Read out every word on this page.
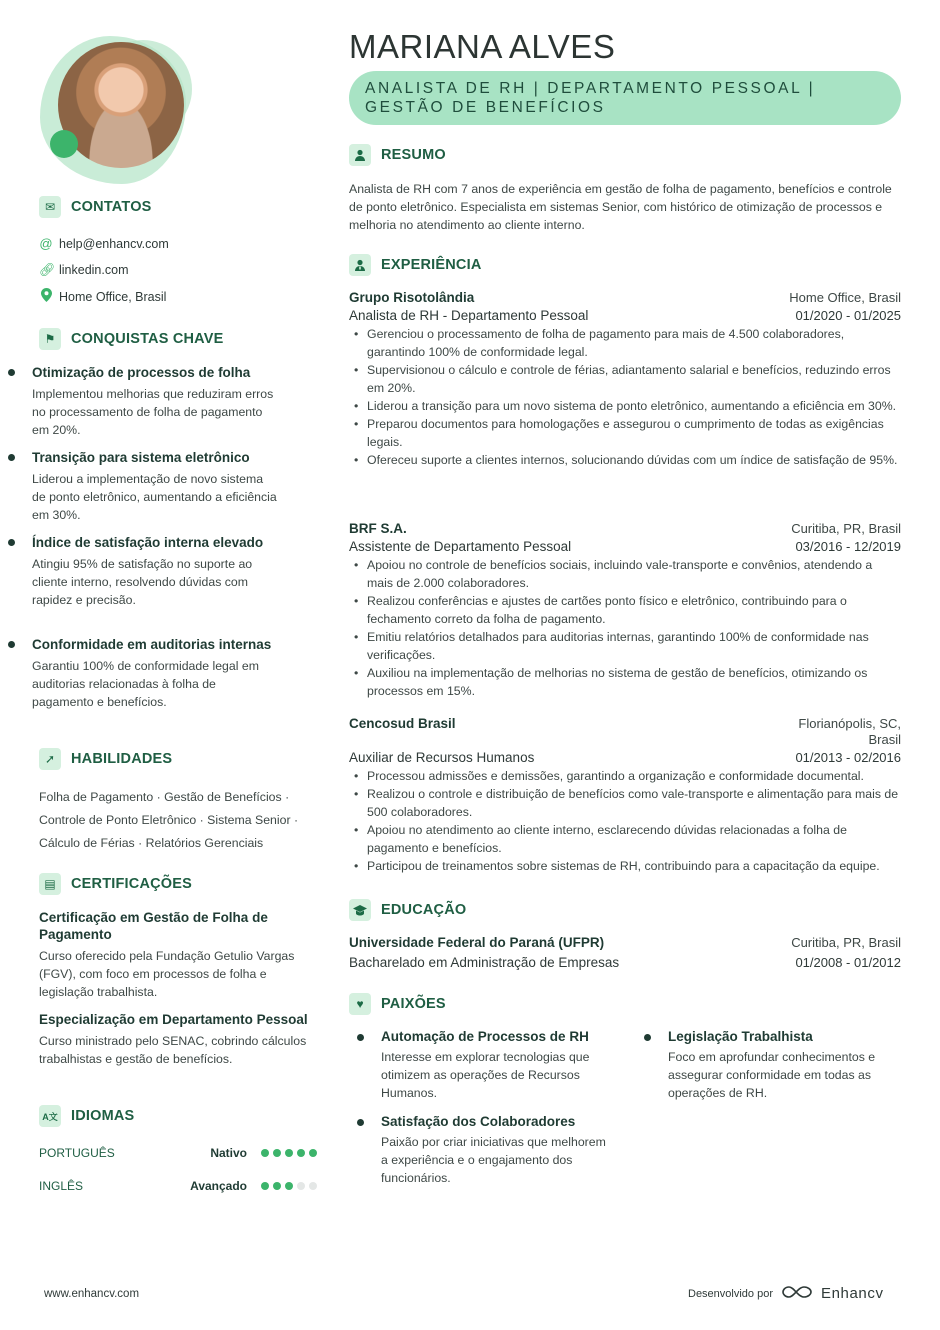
✉	CONTATOS
@ help@enhancv.com
🔗︎ linkedin.com
Home Office, Brasil
⚑	CONQUISTAS CHAVE
Otimização de processos de folha
Implementou melhorias que reduziram erros no processamento de folha de pagamento em 20%.
Transição para sistema eletrônico
Liderou a implementação de novo sistema de ponto eletrônico, aumentando a eficiência em 30%.
Índice de satisfação interna elevado
Atingiu 95% de satisfação no suporte ao cliente interno, resolvendo dúvidas com rapidez e precisão.
Conformidade em auditorias internas
Garantiu 100% de conformidade legal em auditorias relacionadas à folha de pagamento e benefícios.
➚	HABILIDADES
Folha de Pagamento · Gestão de Benefícios ·
Controle de Ponto Eletrônico · Sistema Senior ·
Cálculo de Férias · Relatórios Gerenciais
▤	CERTIFICAÇÕES
Certificação em Gestão de Folha de Pagamento
Curso oferecido pela Fundação Getulio Vargas (FGV), com foco em processos de folha e legislação trabalhista.
Especialização em Departamento Pessoal
Curso ministrado pelo SENAC, cobrindo cálculos trabalhistas e gestão de benefícios.
A文 IDIOMAS
PORTUGUÊS	Nativo
INGLÊS	Avançado
MARIANA ALVES
ANALISTA DE RH | DEPARTAMENTO PESSOAL |
GESTÃO DE BENEFÍCIOS
RESUMO
Analista de RH com 7 anos de experiência em gestão de folha de pagamento, benefícios e controle de ponto eletrônico. Especialista em sistemas Senior, com histórico de otimização de processos e melhoria no atendimento ao cliente interno.
EXPERIÊNCIA
Grupo Risotolândia	Home Office, Brasil
Analista de RH - Departamento Pessoal	01/2020 - 01/2025
• Gerenciou o processamento de folha de pagamento para mais de 4.500 colaboradores, garantindo 100% de conformidade legal.
• Supervisionou o cálculo e controle de férias, adiantamento salarial e benefícios, reduzindo erros em 20%.
• Liderou a transição para um novo sistema de ponto eletrônico, aumentando a eficiência em 30%.
• Preparou documentos para homologações e assegurou o cumprimento de todas as exigências legais.
• Ofereceu suporte a clientes internos, solucionando dúvidas com um índice de satisfação de 95%.
BRF S.A.	Curitiba, PR, Brasil
Assistente de Departamento Pessoal	03/2016 - 12/2019
• Apoiou no controle de benefícios sociais, incluindo vale-transporte e convênios, atendendo a mais de 2.000 colaboradores.
• Realizou conferências e ajustes de cartões ponto físico e eletrônico, contribuindo para o fechamento correto da folha de pagamento.
• Emitiu relatórios detalhados para auditorias internas, garantindo 100% de conformidade nas verificações.
• Auxiliou na implementação de melhorias no sistema de gestão de benefícios, otimizando os processos em 15%.
Cencosud Brasil	Florianópolis, SC, Brasil
Auxiliar de Recursos Humanos	01/2013 - 02/2016
• Processou admissões e demissões, garantindo a organização e conformidade documental.
• Realizou o controle e distribuição de benefícios como vale-transporte e alimentação para mais de 500 colaboradores.
• Apoiou no atendimento ao cliente interno, esclarecendo dúvidas relacionadas a folha de pagamento e benefícios.
• Participou de treinamentos sobre sistemas de RH, contribuindo para a capacitação da equipe.
EDUCAÇÃO
Universidade Federal do Paraná (UFPR)	Curitiba, PR, Brasil
Bacharelado em Administração de Empresas	01/2008 - 01/2012
♥	PAIXÕES
Automação de Processos de RH
Interesse em explorar tecnologias que otimizem as operações de Recursos Humanos.
Legislação Trabalhista
Foco em aprofundar conhecimentos e assegurar conformidade em todas as operações de RH.
Satisfação dos Colaboradores
Paixão por criar iniciativas que melhorem a experiência e o engajamento dos funcionários.
www.enhancv.com	Desenvolvido por	Enhancv
